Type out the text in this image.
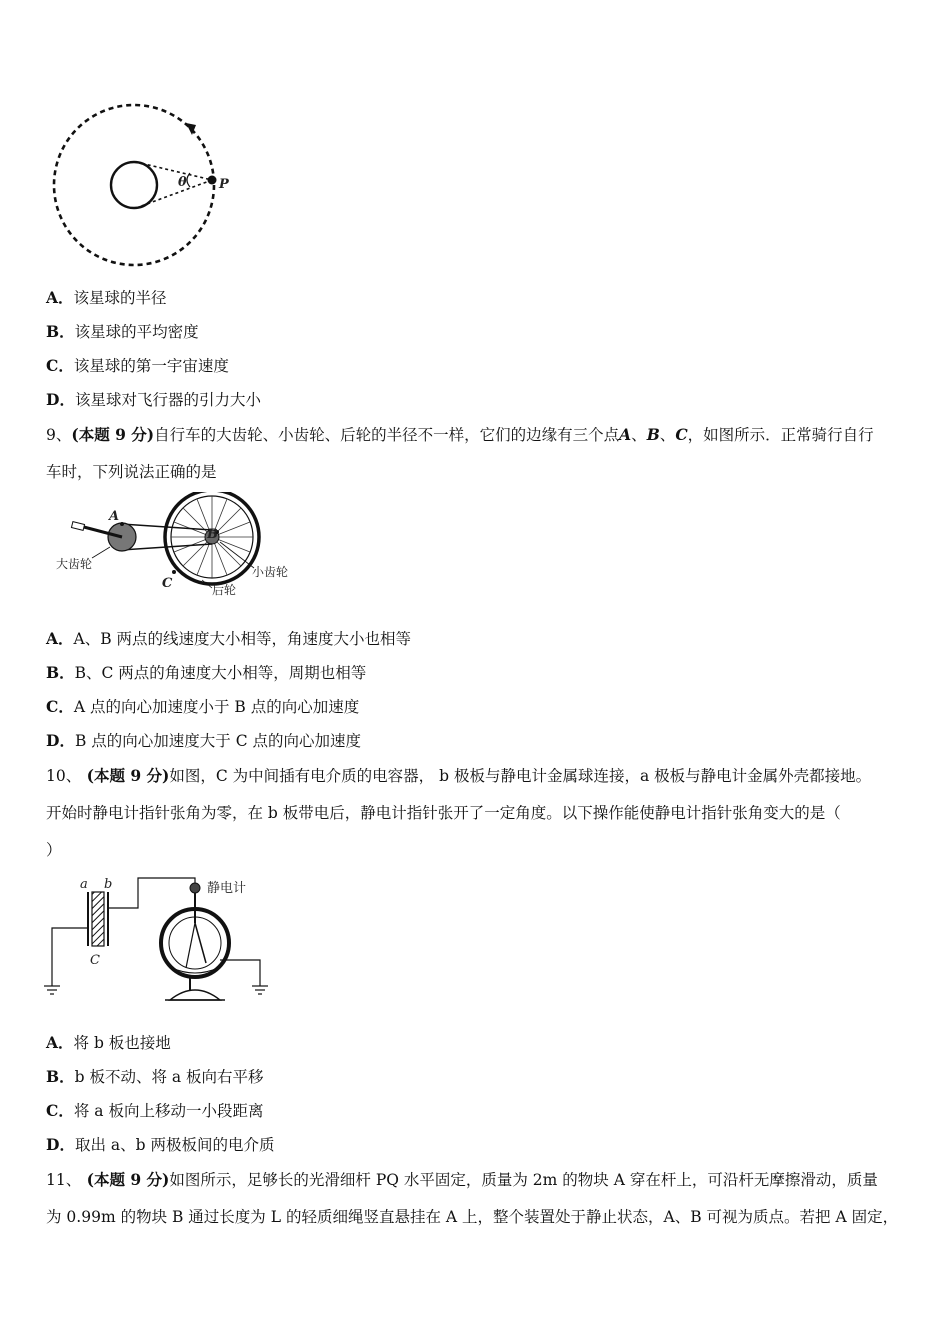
θ P
A．该星球的半径
B．该星球的平均密度
C．该星球的第一宇宙速度
D．该星球对飞行器的引力大小
9、(本题 9 分)自行车的大齿轮、小齿轮、后轮的半径不一样，它们的边缘有三个点A、B、C，如图所示．正常骑行自行
车时，下列说法正确的是
A
B
C
大齿轮
小齿轮
后轮
A．A、B 两点的线速度大小相等，角速度大小也相等
B．B、C 两点的角速度大小相等，周期也相等
C．A 点的向心加速度小于 B 点的向心加速度
D．B 点的向心加速度大于 C 点的向心加速度
10、 (本题 9 分)如图，C 为中间插有电介质的电容器， b 极板与静电计金属球连接，a 极板与静电计金属外壳都接地。
开始时静电计指针张角为零，在 b 板带电后，静电计指针张开了一定角度。以下操作能使静电计指针张角变大的是（
）
a b
C
静电计
A．将 b 板也接地
B．b 板不动、将 a 板向右平移
C．将 a 板向上移动一小段距离
D．取出 a、b 两极板间的电介质
11、 (本题 9 分)如图所示，足够长的光滑细杆 PQ 水平固定，质量为 2m 的物块 A 穿在杆上，可沿杆无摩擦滑动，质量
为 0.99m 的物块 B 通过长度为 L 的轻质细绳竖直悬挂在 A 上，整个装置处于静止状态，A、B 可视为质点。若把 A 固定，
